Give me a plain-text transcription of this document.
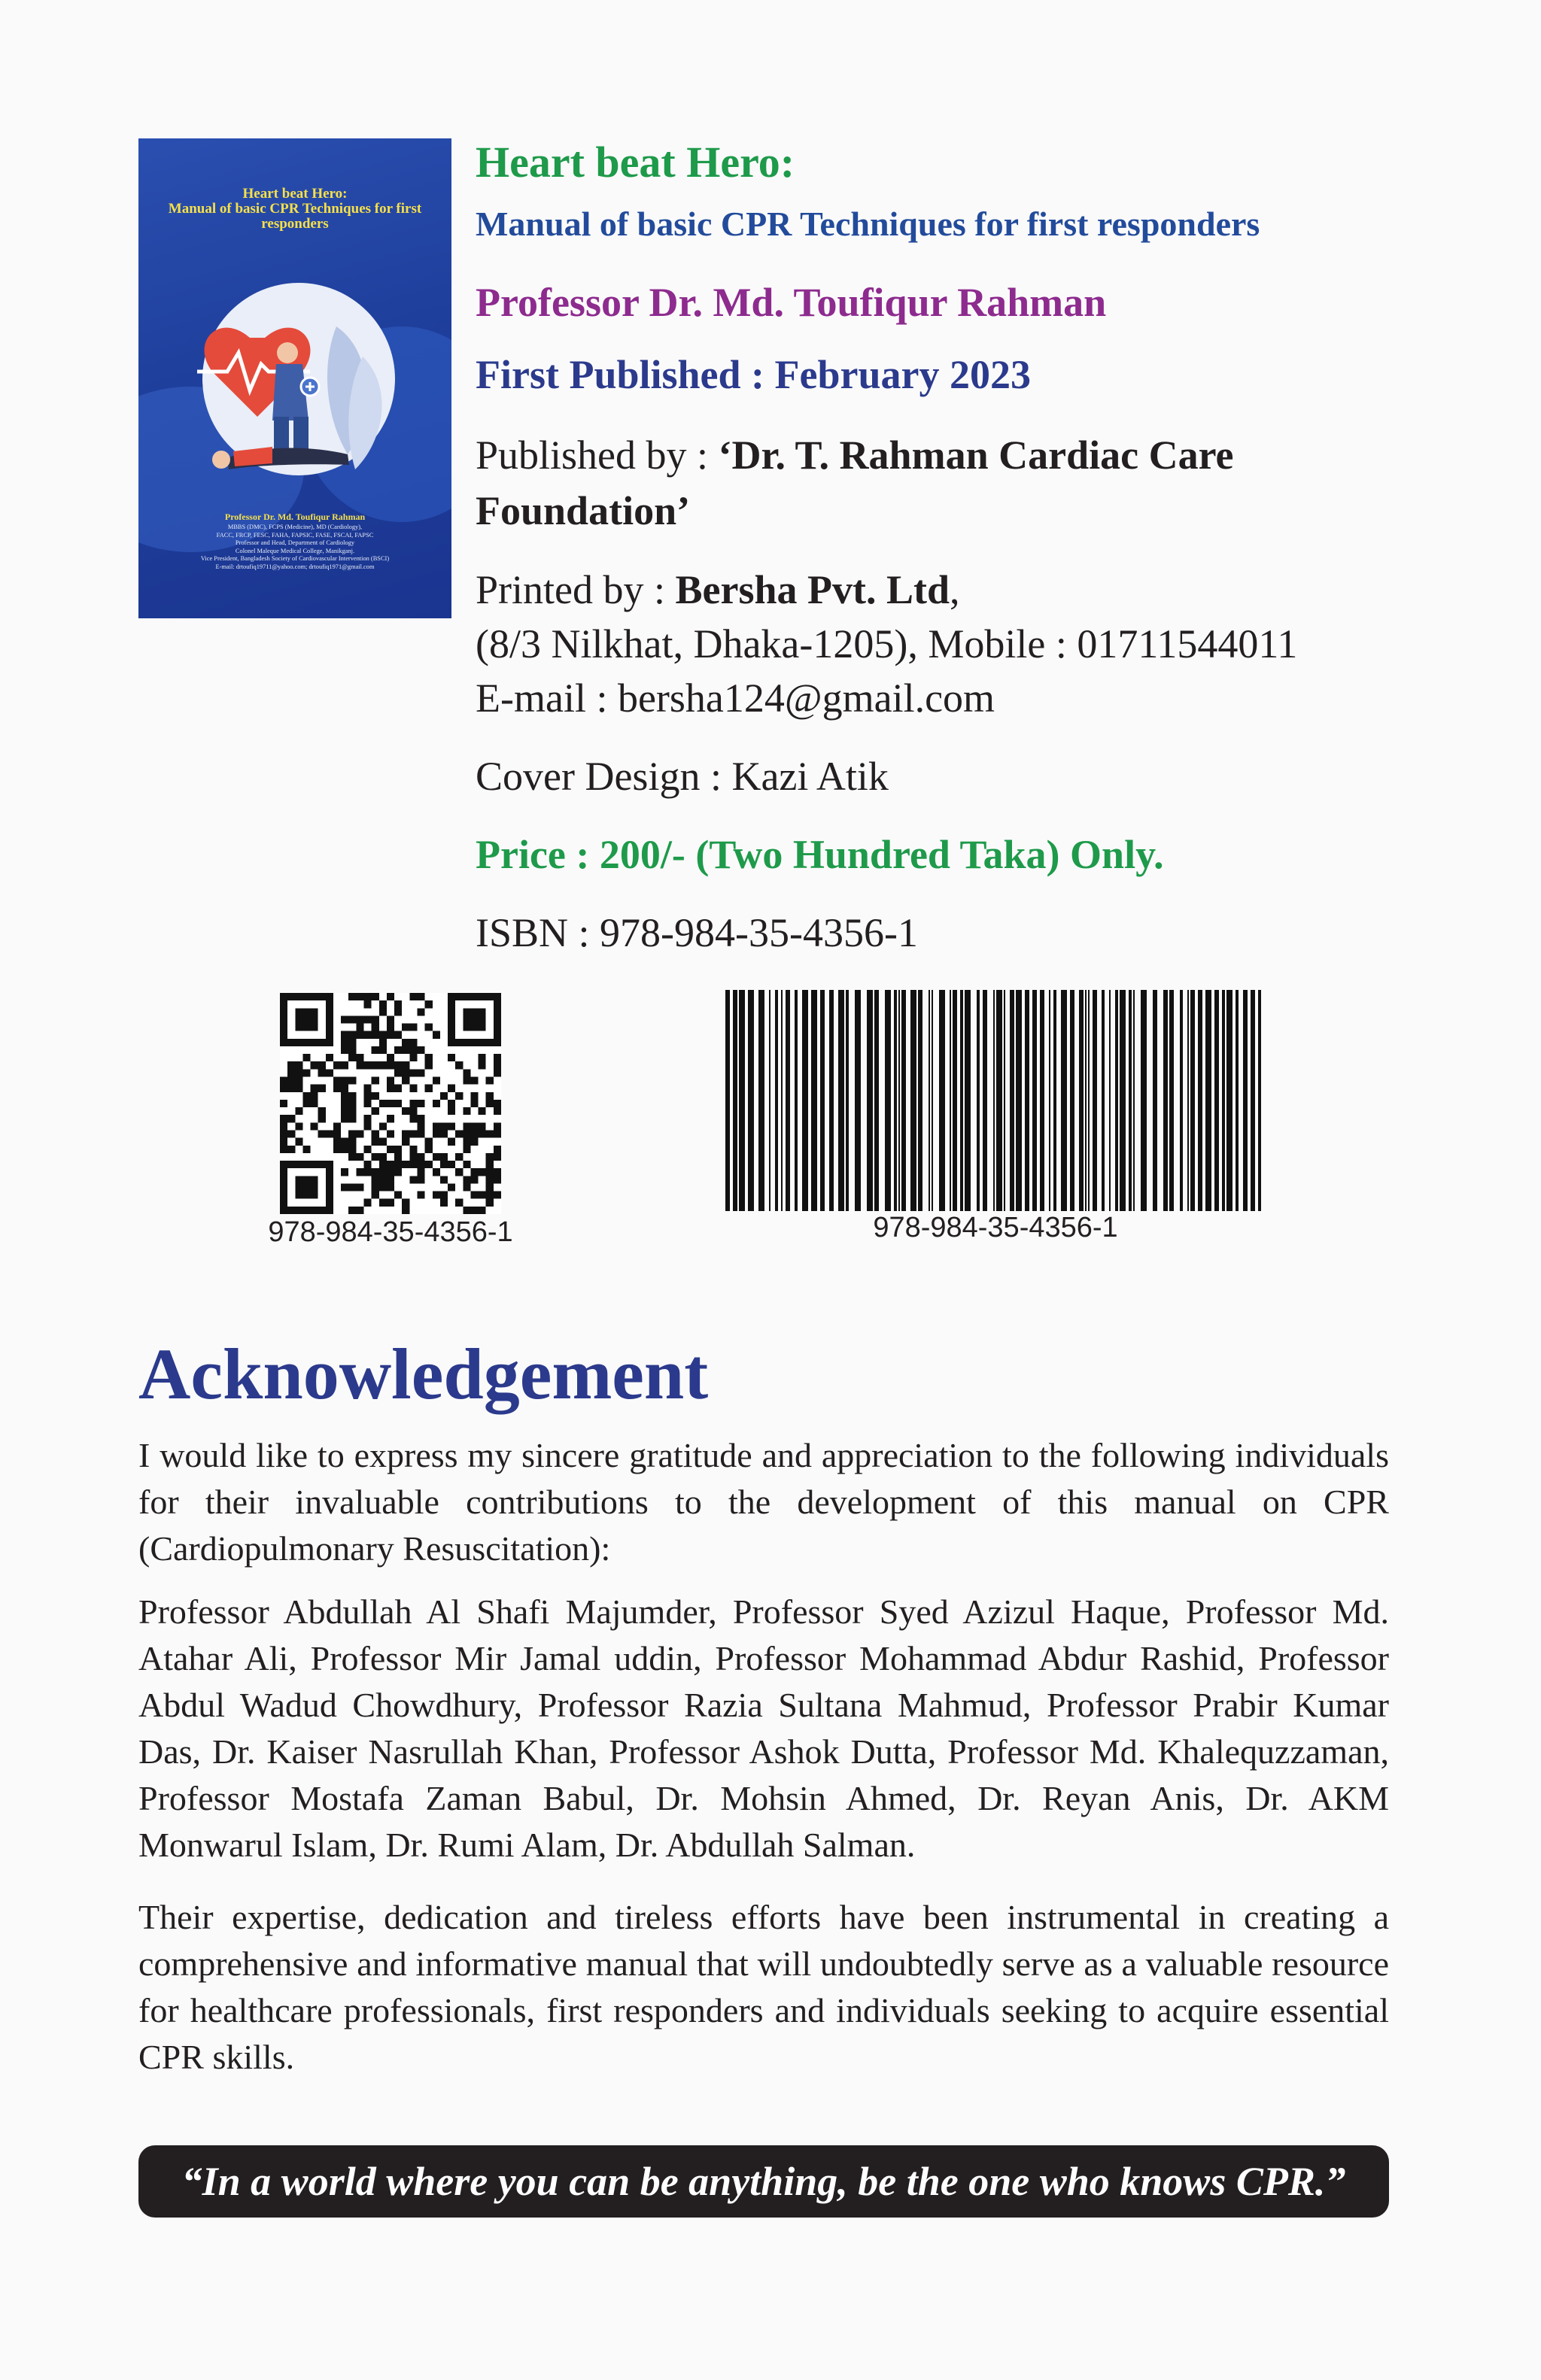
Heart beat Hero:
Manual of basic CPR Techniques for first responders
Professor Dr. Md. Toufiqur Rahman
MBBS (DMC), FCPS (Medicine), MD (Cardiology),
FACC, FRCP, FESC, FAHA, FAPSIC, FASE, FSCAI, FAPSC
Professor and Head, Department of Cardiology
Colonel Maleque Medical College, Manikganj.
Vice President, Bangladesh Society of Cardiovascular Intervention (BSCI)
E-mail: drtoufiq19711@yahoo.com; drtoufiq1971@gmail.com
Heart beat Hero:
Manual of basic CPR Techniques for first responders
Professor Dr. Md. Toufiqur Rahman
First Published : February 2023
Published by : ‘Dr. T. Rahman Cardiac Care Foundation’
Printed by : Bersha Pvt. Ltd,
(8/3 Nilkhat, Dhaka-1205), Mobile : 01711544011
E-mail : bersha124@gmail.com
Cover Design : Kazi Atik
Price : 200/- (Two Hundred Taka) Only.
ISBN : 978-984-35-4356-1
978-984-35-4356-1	978-984-35-4356-1
Acknowledgement

I would like to express my sincere gratitude and appreciation to the following individuals for their invaluable contributions to the development of this manual on CPR (Cardiopulmonary Resuscitation):

Professor Abdullah Al Shafi Majumder, Professor Syed Azizul Haque, Professor Md. Atahar Ali, Professor Mir Jamal uddin, Professor Mohammad Abdur Rashid, Professor Abdul Wadud Chowdhury, Professor Razia Sultana Mahmud, Professor Prabir Kumar Das, Dr. Kaiser Nasrullah Khan, Professor Ashok Dutta, Professor Md. Khalequzzaman, Professor Mostafa Zaman Babul, Dr. Mohsin Ahmed, Dr. Reyan Anis, Dr. AKM Monwarul Islam, Dr. Rumi Alam, Dr. Abdullah Salman.

Their expertise, dedication and tireless efforts have been instrumental in creating a comprehensive and informative manual that will undoubtedly serve as a valuable resource for healthcare professionals, first responders and individuals seeking to acquire essential CPR skills.

“In a world where you can be anything, be the one who knows CPR.”
